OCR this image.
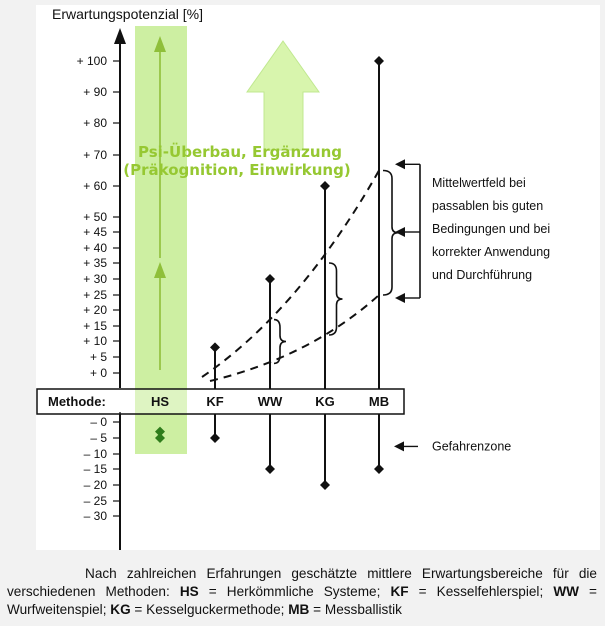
Psi-Überbau, Ergänzung
(Präkognition, Einwirkung)
Erwartungspotenzial [%]
+ 100
+ 90
+ 80
+ 70
+ 60
+ 50
+ 45
+ 40
+ 35
+ 30
+ 25
+ 20
+ 15
+ 10
+ 5
+ 0
– 0
– 5
– 10
– 15
– 20
– 25
– 30
Methode:	HS	KF	WW	KG	MB
Mittelwertfeld bei
passablen bis guten
Bedingungen und bei
korrekter Anwendung
und Durchführung
Gefahrenzone
Nach zahlreichen Erfahrungen geschätzte mittlere Erwartungsbereiche für die verschiedenen Methoden: HS = Herkömmliche Systeme; KF = Kesselfehlerspiel; WW = Wurfweitenspiel; KG = Kesselguckermethode; MB = Messballistik
